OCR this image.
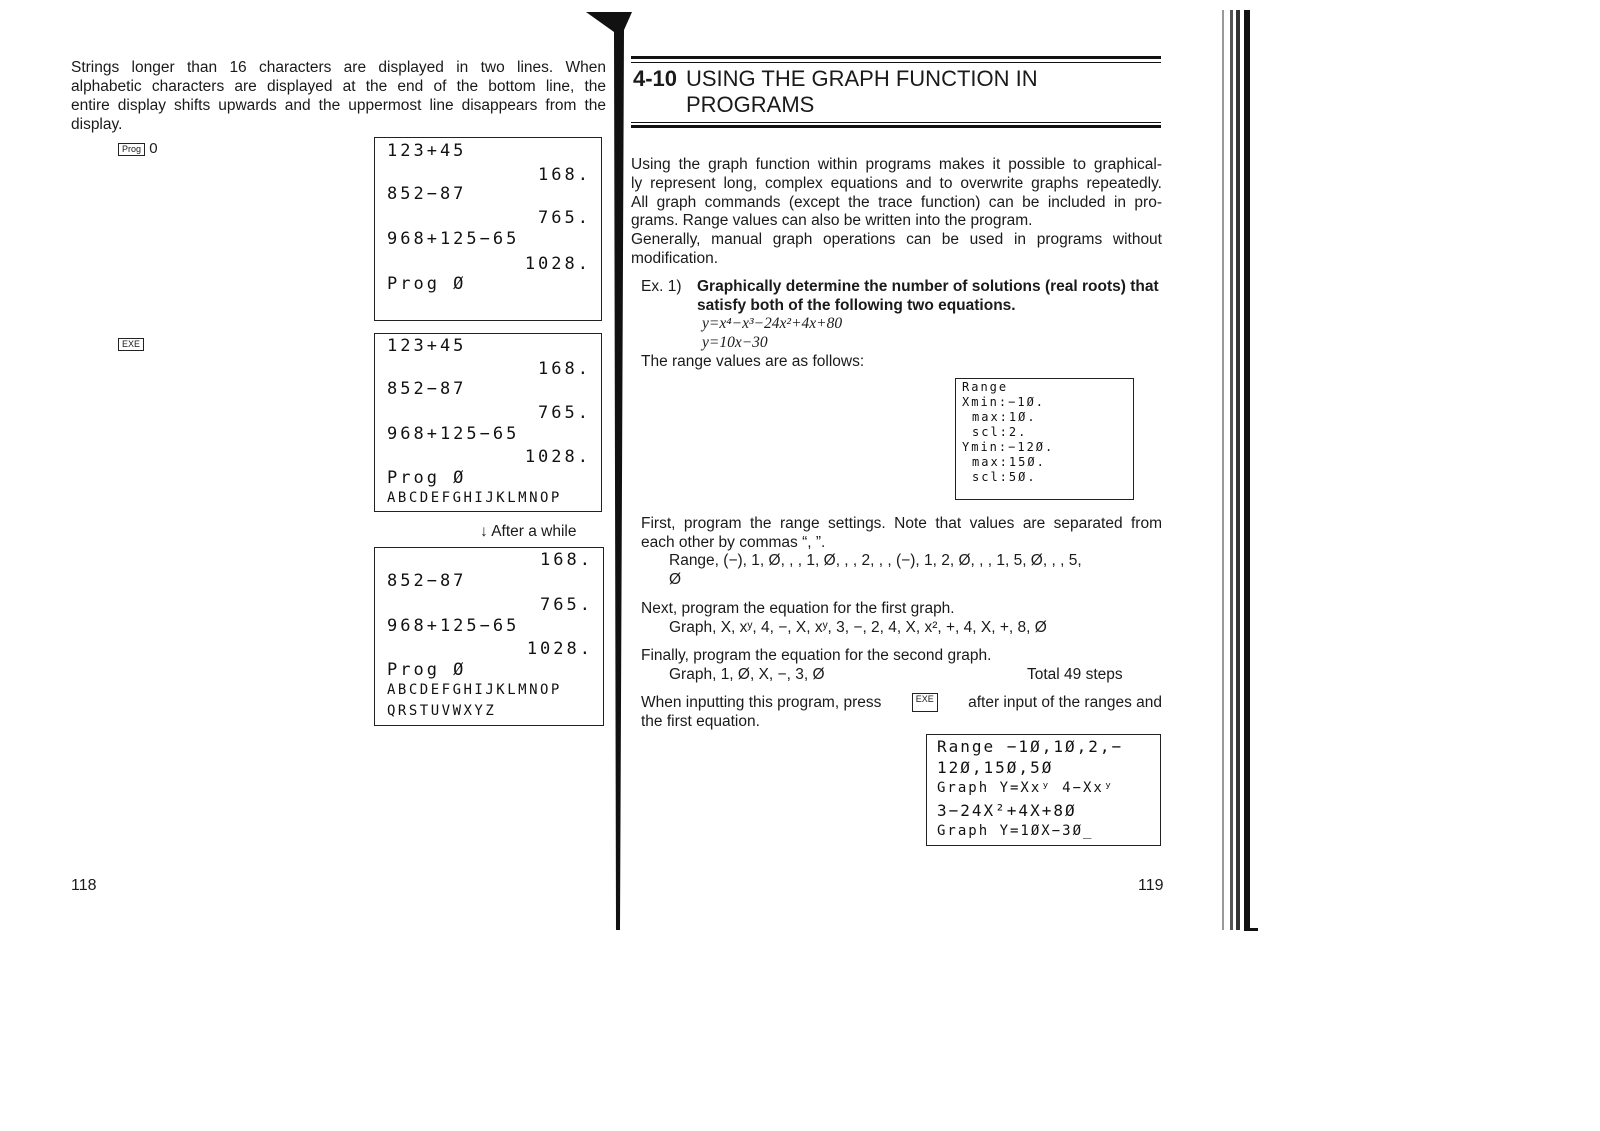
Strings longer than 16 characters are displayed in two lines. When
alphabetic characters are displayed at the end of the bottom line, the
entire display shifts upwards and the uppermost line disappears from the
display.
Prog 0
EXE
123+45
168.
852−87
765.
968+125−65
1028.
Prog Ø
123+45
168.
852−87
765.
968+125−65
1028.
Prog Ø
ABCDEFGHIJKLMNOP
↓ After a while
168.
852−87
765.
968+125−65
1028.
Prog Ø
ABCDEFGHIJKLMNOP
QRSTUVWXYZ
118
4-10 USING THE GRAPH FUNCTION IN
PROGRAMS
Using the graph function within programs makes it possible to graphical-
ly represent long, complex equations and to overwrite graphs repeatedly.
All graph commands (except the trace function) can be included in pro-
grams. Range values can also be written into the program.
Generally, manual graph operations can be used in programs without
modification.
Ex. 1) Graphically determine the number of solutions (real roots) that
satisfy both of the following two equations.
y=x⁴−x³−24x²+4x+80
y=10x−30
The range values are as follows:
Range
Xmin:−1Ø.
max:1Ø.
scl:2.
Ymin:−12Ø.
max:15Ø.
scl:5Ø.
First, program the range settings. Note that values are separated from
each other by commas “, ”.
Range, (−), 1, Ø, , , 1, Ø, , , 2, , , (−), 1, 2, Ø, , , 1, 5, Ø, , , 5,
Ø
Next, program the equation for the first graph.
Graph, X, xʸ, 4, −, X, xʸ, 3, −, 2, 4, X, x², +, 4, X, +, 8, Ø
Finally, program the equation for the second graph.
Graph, 1, Ø, X, −, 3, Ø	Total 49 steps
When inputting this program, press	EXE after input of the ranges and
the first equation.
Range −1Ø,1Ø,2,−
12Ø,15Ø,5Ø
Graph Y=Xxʸ 4−Xxʸ
3−24X²+4X+8Ø
Graph Y=1ØX−3Ø_
119
